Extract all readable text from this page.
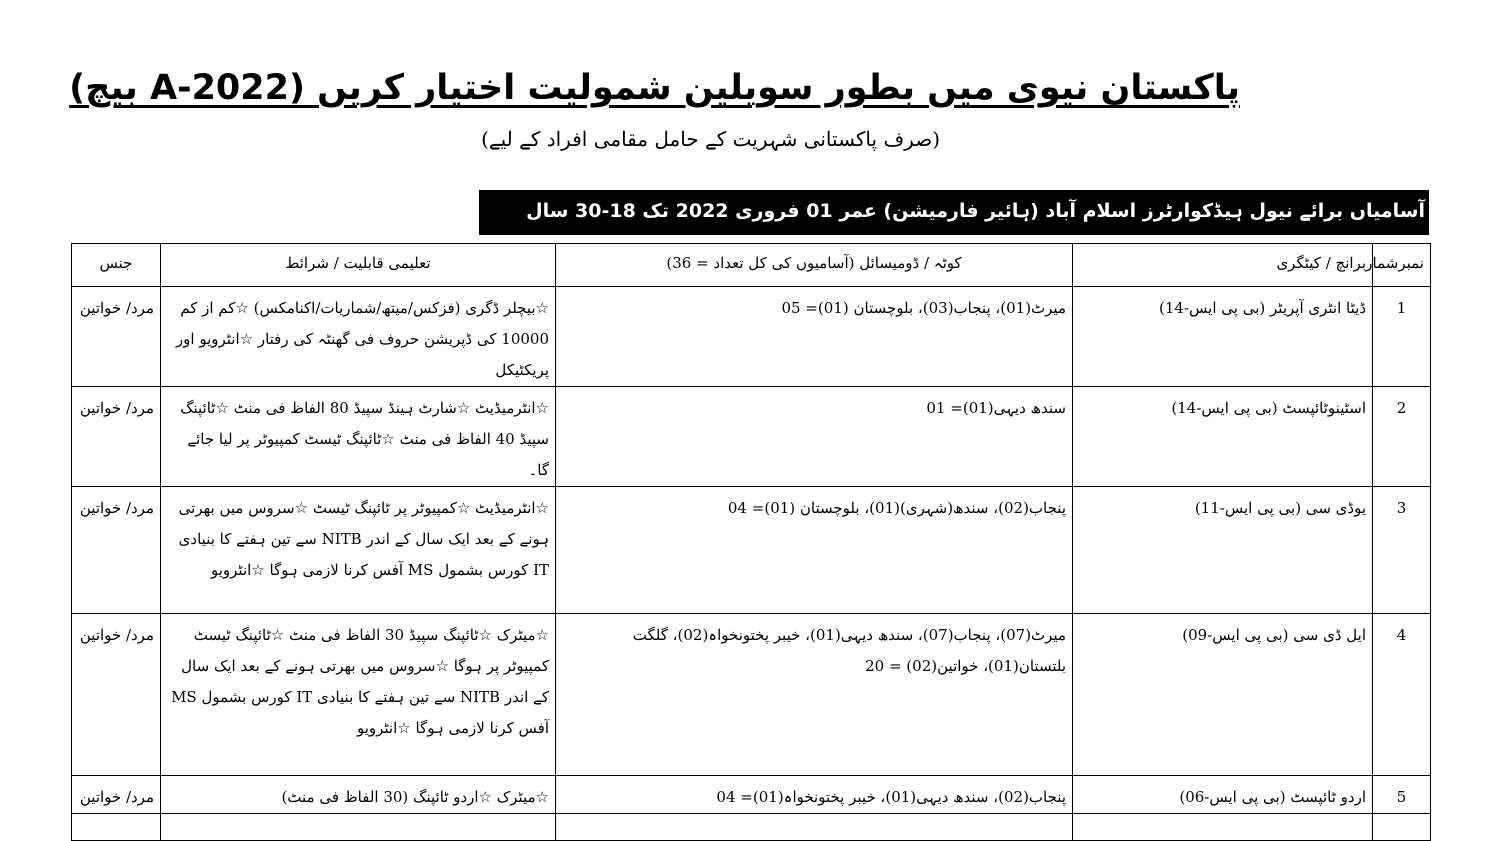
پاکستان نیوی میں بطور سویلین شمولیت اختیار کریں (A-2022 بیچ)
(صرف پاکستانی شہریت کے حامل مقامی افراد کے لیے)
آسامیاں برائے نیول ہیڈکوارٹرز اسلام آباد (ہائیر فارمیشن) عمر 01 فروری 2022 تک 18-30 سال
نمبرشمار	برانچ / کیٹگری	کوٹہ / ڈومیسائل (آسامیوں کی کل تعداد = 36)	تعلیمی قابلیت / شرائط	جنس
1	ڈیٹا انٹری آپریٹر (بی پی ایس-14)	میرٹ(01)، پنجاب(03)، بلوچستان (01)= 05	☆بیچلر ڈگری (فزکس/میتھ/شماریات/اکنامکس) ☆کم از کم 10000 کی ڈپریشن حروف فی گھنٹہ کی رفتار ☆انٹرویو اور پریکٹیکل	مرد/ خواتین
2	اسٹینوٹائپسٹ (بی پی ایس-14)	سندھ دیہی(01)= 01	☆انٹرمیڈیٹ ☆شارٹ ہینڈ سپیڈ 80 الفاظ فی منٹ ☆ٹائپنگ سپیڈ 40 الفاظ فی منٹ ☆ٹائپنگ ٹیسٹ کمپیوٹر پر لیا جائے گا۔	مرد/ خواتین
3	یوڈی سی (بی پی ایس-11)	پنجاب(02)، سندھ(شہری)(01)، بلوچستان (01)= 04	☆انٹرمیڈیٹ ☆کمپیوٹر پر ٹائپنگ ٹیسٹ ☆سروس میں بھرتی ہونے کے بعد ایک سال کے اندر NITB سے تین ہفتے کا بنیادی IT کورس بشمول MS آفس کرنا لازمی ہوگا ☆انٹرویو	مرد/ خواتین
4	ایل ڈی سی (بی پی ایس-09)	میرٹ(07)، پنجاب(07)، سندھ دیہی(01)، خیبر پختونخواہ(02)، گلگت بلتستان(01)، خواتین(02) = 20	☆میٹرک ☆ٹائپنگ سپیڈ 30 الفاظ فی منٹ ☆ٹائپنگ ٹیسٹ کمپیوٹر پر ہوگا ☆سروس میں بھرتی ہونے کے بعد ایک سال کے اندر NITB سے تین ہفتے کا بنیادی IT کورس بشمول MS آفس کرنا لازمی ہوگا ☆انٹرویو	مرد/ خواتین
5	اردو ٹائپسٹ (بی پی ایس-06)	پنجاب(02)، سندھ دیہی(01)، خیبر پختونخواہ(01)= 04	☆میٹرک ☆اردو ٹائپنگ (30 الفاظ فی منٹ)	مرد/ خواتین
